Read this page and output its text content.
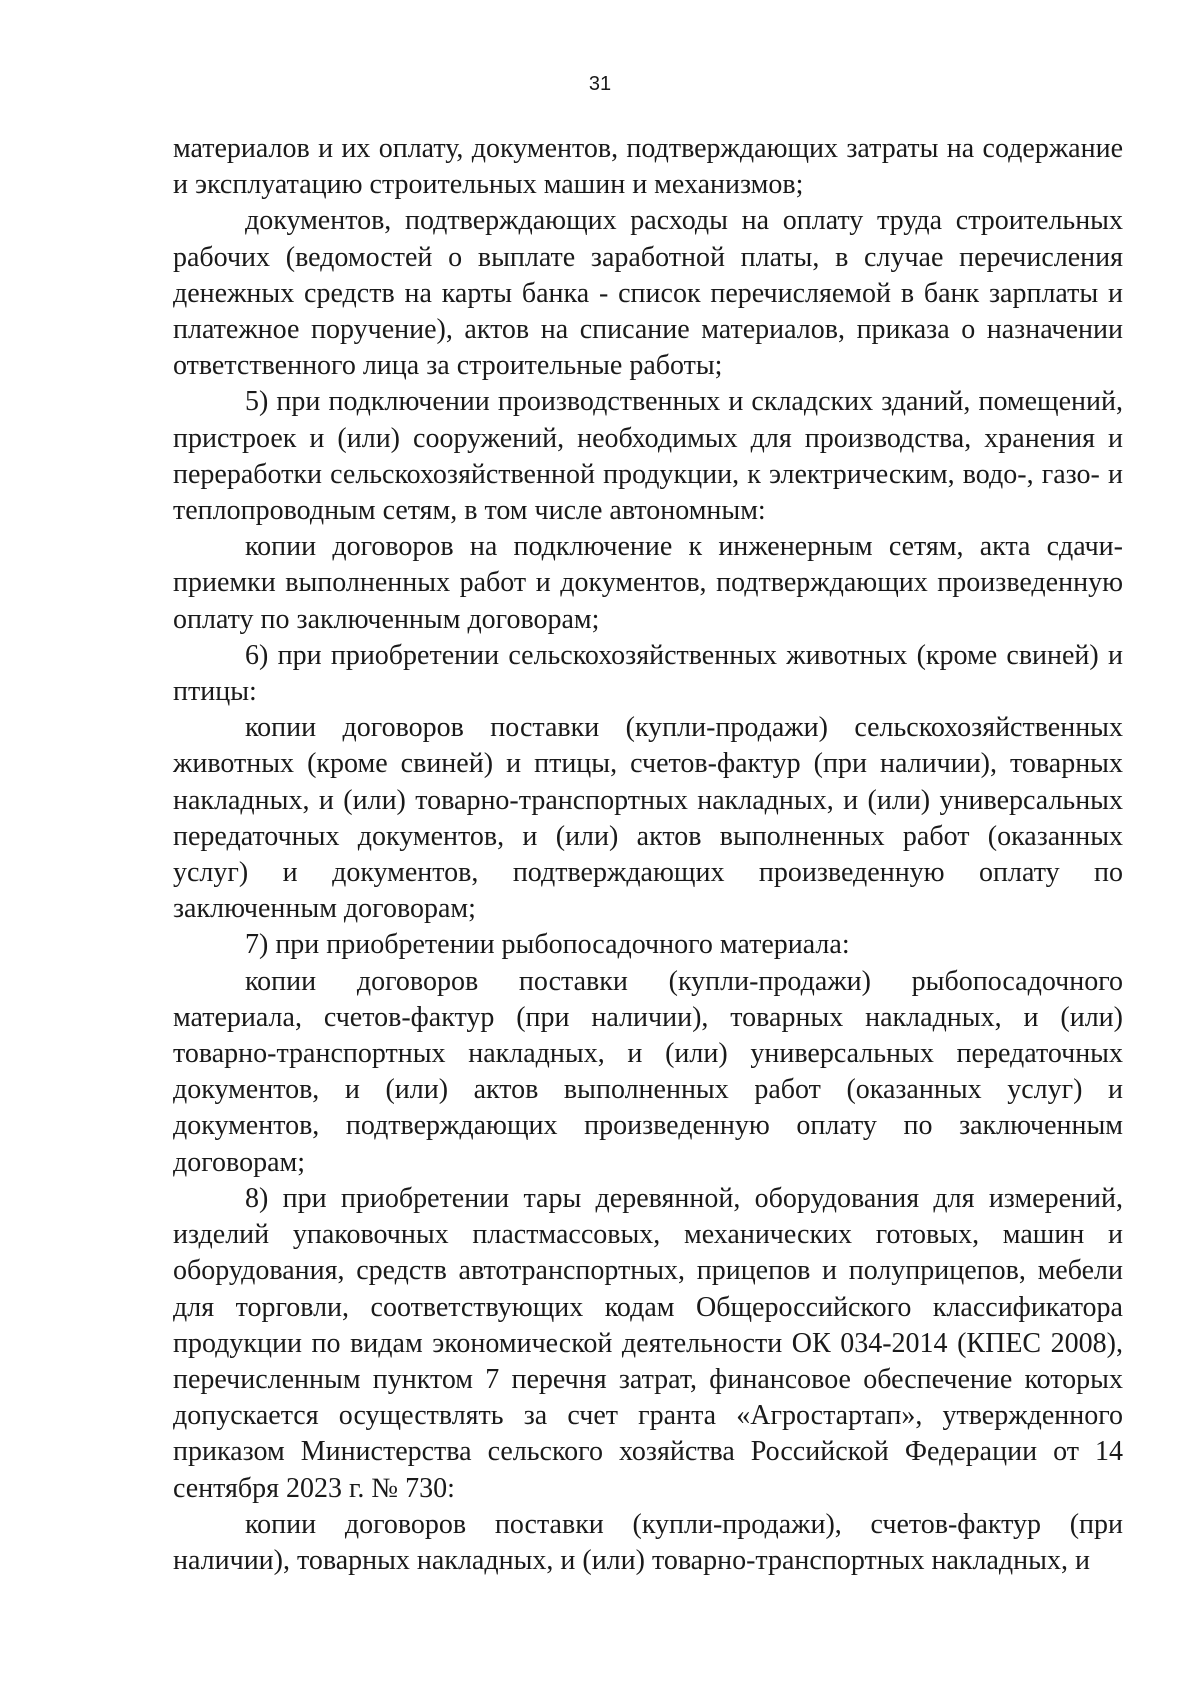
31

материалов и их оплату, документов, подтверждающих затраты на содержание и эксплуатацию строительных машин и механизмов;

документов, подтверждающих расходы на оплату труда строительных рабочих (ведомостей о выплате заработной платы, в случае перечисления денежных средств на карты банка - список перечисляемой в банк зарплаты и платежное поручение), актов на списание материалов, приказа о назначении ответственного лица за строительные работы;

5) при подключении производственных и складских зданий, помещений, пристроек и (или) сооружений, необходимых для производства, хранения и переработки сельскохозяйственной продукции, к электрическим, водо-, газо- и теплопроводным сетям, в том числе автономным:

копии договоров на подключение к инженерным сетям, акта сдачи-приемки выполненных работ и документов, подтверждающих произведенную оплату по заключенным договорам;

6) при приобретении сельскохозяйственных животных (кроме свиней) и птицы:

копии договоров поставки (купли-продажи) сельскохозяйственных животных (кроме свиней) и птицы, счетов-фактур (при наличии), товарных накладных, и (или) товарно-транспортных накладных, и (или) универсальных передаточных документов, и (или) актов выполненных работ (оказанных услуг) и документов, подтверждающих произведенную оплату по заключенным договорам;

7) при приобретении рыбопосадочного материала:

копии договоров поставки (купли-продажи) рыбопосадочного материала, счетов-фактур (при наличии), товарных накладных, и (или) товарно-транспортных накладных, и (или) универсальных передаточных документов, и (или) актов выполненных работ (оказанных услуг) и документов, подтверждающих произведенную оплату по заключенным договорам;

8) при приобретении тары деревянной, оборудования для измерений, изделий упаковочных пластмассовых, механических готовых, машин и оборудования, средств автотранспортных, прицепов и полуприцепов, мебели для торговли, соответствующих кодам Общероссийского классификатора продукции по видам экономической деятельности ОК 034-2014 (КПЕС 2008), перечисленным пунктом 7 перечня затрат, финансовое обеспечение которых допускается осуществлять за счет гранта «Агростартап», утвержденного приказом Министерства сельского хозяйства Российской Федерации от 14 сентября 2023 г. № 730:

копии договоров поставки (купли-продажи), счетов-фактур (при наличии), товарных накладных, и (или) товарно-транспортных накладных, и
